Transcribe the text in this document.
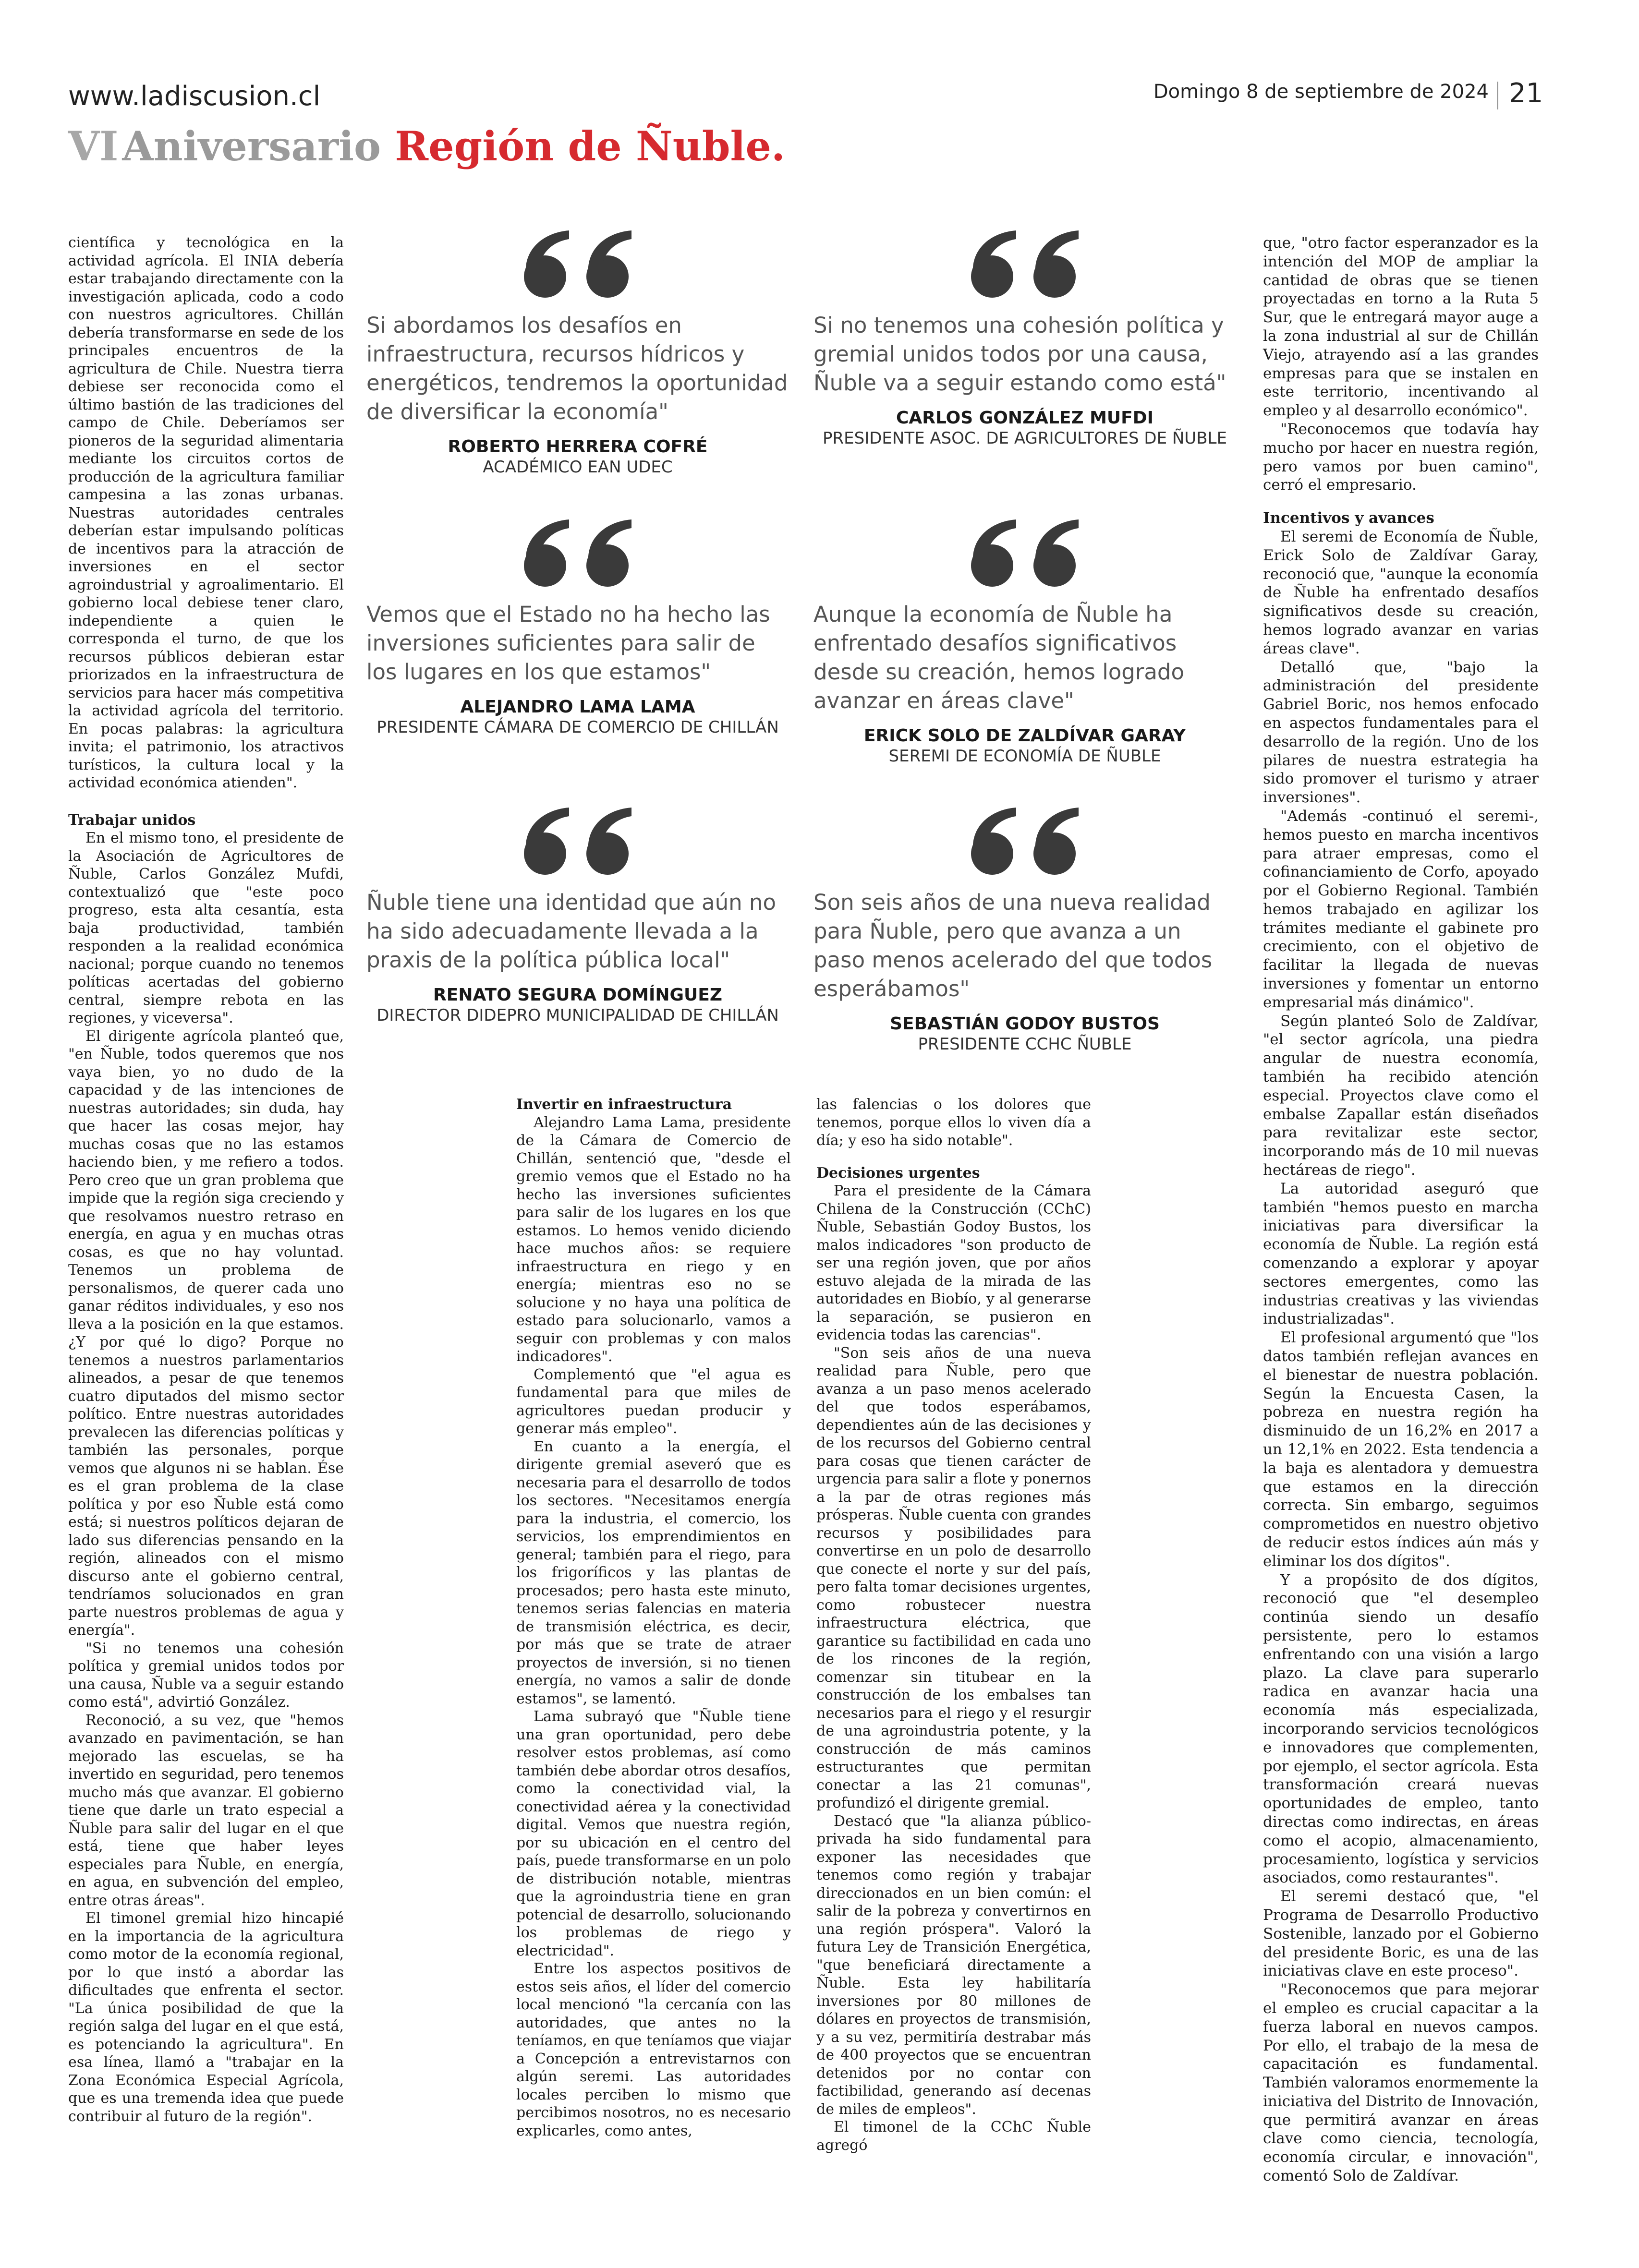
www.ladiscusion.cl	Domingo 8 de septiembre de 2024 21
VIAniversario Región de Ñuble.

científica y tecnológica en la actividad agrícola. El INIA debería estar trabajando directamente con la investigación aplicada, codo a codo con nuestros agricultores. Chillán debería transformarse en sede de los principales encuentros de la agricultura de Chile. Nuestra tierra debiese ser reconocida como el último bastión de las tradiciones del campo de Chile. Deberíamos ser pioneros de la seguridad alimentaria mediante los circuitos cortos de producción de la agricultura familiar campesina a las zonas urbanas. Nuestras autoridades centrales deberían estar impulsando políticas de incentivos para la atracción de inversiones en el sector agroindustrial y agroalimentario. El gobierno local debiese tener claro, independiente a quien le corresponda el turno, de que los recursos públicos debieran estar priorizados en la infraestructura de servicios para hacer más competitiva la actividad agrícola del territorio. En pocas palabras: la agricultura invita; el patrimonio, los atractivos turísticos, la cultura local y la actividad económica atienden".

Trabajar unidos

En el mismo tono, el presidente de la Asociación de Agricultores de Ñuble, Carlos González Mufdi, contextualizó que "este poco progreso, esta alta cesantía, esta baja productividad, también responden a la realidad económica nacional; porque cuando no tenemos políticas acertadas del gobierno central, siempre rebota en las regiones, y viceversa".

El dirigente agrícola planteó que, "en Ñuble, todos queremos que nos vaya bien, yo no dudo de la capacidad y de las intenciones de nuestras autoridades; sin duda, hay que hacer las cosas mejor, hay muchas cosas que no las estamos haciendo bien, y me refiero a todos. Pero creo que un gran problema que impide que la región siga creciendo y que resolvamos nuestro retraso en energía, en agua y en muchas otras cosas, es que no hay voluntad. Tenemos un problema de personalismos, de querer cada uno ganar réditos individuales, y eso nos lleva a la posición en la que estamos. ¿Y por qué lo digo? Porque no tenemos a nuestros parlamentarios alineados, a pesar de que tenemos cuatro diputados del mismo sector político. Entre nuestras autoridades prevalecen las diferencias políticas y también las personales, porque vemos que algunos ni se hablan. Ése es el gran problema de la clase política y por eso Ñuble está como está; si nuestros políticos dejaran de lado sus diferencias pensando en la región, alineados con el mismo discurso ante el gobierno central, tendríamos solucionados en gran parte nuestros problemas de agua y energía".

"Si no tenemos una cohesión política y gremial unidos todos por una causa, Ñuble va a seguir estando como está", advirtió González.

Reconoció, a su vez, que "hemos avanzado en pavimentación, se han mejorado las escuelas, se ha invertido en seguridad, pero tenemos mucho más que avanzar. El gobierno tiene que darle un trato especial a Ñuble para salir del lugar en el que está, tiene que haber leyes especiales para Ñuble, en energía, en agua, en subvención del empleo, entre otras áreas".

El timonel gremial hizo hincapié en la importancia de la agricultura como motor de la economía regional, por lo que instó a abordar las dificultades que enfrenta el sector. "La única posibilidad de que la región salga del lugar en el que está, es potenciando la agricultura". En esa línea, llamó a "trabajar en la Zona Económica Especial Agrícola, que es una tremenda idea que puede contribuir al futuro de la región".

Si abordamos los desafíos en infraestructura, recursos hídricos y energéticos, tendremos la oportunidad de diversificar la economía"
ROBERTO HERRERA COFRÉ
ACADÉMICO EAN UDEC
Si no tenemos una cohesión política y gremial unidos todos por una causa, Ñuble va a seguir estando como está"
CARLOS GONZÁLEZ MUFDI
PRESIDENTE ASOC. DE AGRICULTORES DE ÑUBLE
Vemos que el Estado no ha hecho las inversiones suficientes para salir de los lugares en los que estamos"
ALEJANDRO LAMA LAMA
PRESIDENTE CÁMARA DE COMERCIO DE CHILLÁN
Aunque la economía de Ñuble ha enfrentado desafíos significativos desde su creación, hemos logrado avanzar en áreas clave"
ERICK SOLO DE ZALDÍVAR GARAY
SEREMI DE ECONOMÍA DE ÑUBLE
Ñuble tiene una identidad que aún no ha sido adecuadamente llevada a la praxis de la política pública local"
RENATO SEGURA DOMÍNGUEZ
DIRECTOR DIDEPRO MUNICIPALIDAD DE CHILLÁN
Son seis años de una nueva realidad para Ñuble, pero que avanza a un paso menos acelerado del que todos esperábamos"
SEBASTIÁN GODOY BUSTOS
PRESIDENTE CCHC ÑUBLE
Invertir en infraestructura

Alejandro Lama Lama, presidente de la Cámara de Comercio de Chillán, sentenció que, "desde el gremio vemos que el Estado no ha hecho las inversiones suficientes para salir de los lugares en los que estamos. Lo hemos venido diciendo hace muchos años: se requiere infraestructura en riego y en energía; mientras eso no se solucione y no haya una política de estado para solucionarlo, vamos a seguir con problemas y con malos indicadores".

Complementó que "el agua es fundamental para que miles de agricultores puedan producir y generar más empleo".

En cuanto a la energía, el dirigente gremial aseveró que es necesaria para el desarrollo de todos los sectores. "Necesitamos energía para la industria, el comercio, los servicios, los emprendimientos en general; también para el riego, para los frigoríficos y las plantas de procesados; pero hasta este minuto, tenemos serias falencias en materia de transmisión eléctrica, es decir, por más que se trate de atraer proyectos de inversión, si no tienen energía, no vamos a salir de donde estamos", se lamentó.

Lama subrayó que "Ñuble tiene una gran oportunidad, pero debe resolver estos problemas, así como también debe abordar otros desafíos, como la conectividad vial, la conectividad aérea y la conectividad digital. Vemos que nuestra región, por su ubicación en el centro del país, puede transformarse en un polo de distribución notable, mientras que la agroindustria tiene en gran potencial de desarrollo, solucionando los problemas de riego y electricidad".

Entre los aspectos positivos de estos seis años, el líder del comercio local mencionó "la cercanía con las autoridades, que antes no la teníamos, en que teníamos que viajar a Concepción a entrevistarnos con algún seremi. Las autoridades locales perciben lo mismo que percibimos nosotros, no es necesario explicarles, como antes,

las falencias o los dolores que tenemos, porque ellos lo viven día a día; y eso ha sido notable".

Decisiones urgentes

Para el presidente de la Cámara Chilena de la Construcción (CChC) Ñuble, Sebastián Godoy Bustos, los malos indicadores "son producto de ser una región joven, que por años estuvo alejada de la mirada de las autoridades en Biobío, y al generarse la separación, se pusieron en evidencia todas las carencias".

"Son seis años de una nueva realidad para Ñuble, pero que avanza a un paso menos acelerado del que todos esperábamos, dependientes aún de las decisiones y de los recursos del Gobierno central para cosas que tienen carácter de urgencia para salir a flote y ponernos a la par de otras regiones más prósperas. Ñuble cuenta con grandes recursos y posibilidades para convertirse en un polo de desarrollo que conecte el norte y sur del país, pero falta tomar decisiones urgentes, como robustecer nuestra infraestructura eléctrica, que garantice su factibilidad en cada uno de los rincones de la región, comenzar sin titubear en la construcción de los embalses tan necesarios para el riego y el resurgir de una agroindustria potente, y la construcción de más caminos estructurantes que permitan conectar a las 21 comunas", profundizó el dirigente gremial.

Destacó que "la alianza público-privada ha sido fundamental para exponer las necesidades que tenemos como región y trabajar direccionados en un bien común: el salir de la pobreza y convertirnos en una región próspera". Valoró la futura Ley de Transición Energética, "que beneficiará directamente a Ñuble. Esta ley habilitaría inversiones por 80 millones de dólares en proyectos de transmisión, y a su vez, permitiría destrabar más de 400 proyectos que se encuentran detenidos por no contar con factibilidad, generando así decenas de miles de empleos".

El timonel de la CChC Ñuble agregó

que, "otro factor esperanzador es la intención del MOP de ampliar la cantidad de obras que se tienen proyectadas en torno a la Ruta 5 Sur, que le entregará mayor auge a la zona industrial al sur de Chillán Viejo, atrayendo así a las grandes empresas para que se instalen en este territorio, incentivando al empleo y al desarrollo económico".

"Reconocemos que todavía hay mucho por hacer en nuestra región, pero vamos por buen camino", cerró el empresario.

Incentivos y avances

El seremi de Economía de Ñuble, Erick Solo de Zaldívar Garay, reconoció que, "aunque la economía de Ñuble ha enfrentado desafíos significativos desde su creación, hemos logrado avanzar en varias áreas clave".

Detalló que, "bajo la administración del presidente Gabriel Boric, nos hemos enfocado en aspectos fundamentales para el desarrollo de la región. Uno de los pilares de nuestra estrategia ha sido promover el turismo y atraer inversiones".

"Además -continuó el seremi-, hemos puesto en marcha incentivos para atraer empresas, como el cofinanciamiento de Corfo, apoyado por el Gobierno Regional. También hemos trabajado en agilizar los trámites mediante el gabinete pro crecimiento, con el objetivo de facilitar la llegada de nuevas inversiones y fomentar un entorno empresarial más dinámico".

Según planteó Solo de Zaldívar, "el sector agrícola, una piedra angular de nuestra economía, también ha recibido atención especial. Proyectos clave como el embalse Zapallar están diseñados para revitalizar este sector, incorporando más de 10 mil nuevas hectáreas de riego".

La autoridad aseguró que también "hemos puesto en marcha iniciativas para diversificar la economía de Ñuble. La región está comenzando a explorar y apoyar sectores emergentes, como las industrias creativas y las viviendas industrializadas".

El profesional argumentó que "los datos también reflejan avances en el bienestar de nuestra población. Según la Encuesta Casen, la pobreza en nuestra región ha disminuido de un 16,2% en 2017 a un 12,1% en 2022. Esta tendencia a la baja es alentadora y demuestra que estamos en la dirección correcta. Sin embargo, seguimos comprometidos en nuestro objetivo de reducir estos índices aún más y eliminar los dos dígitos".

Y a propósito de dos dígitos, reconoció que "el desempleo continúa siendo un desafío persistente, pero lo estamos enfrentando con una visión a largo plazo. La clave para superarlo radica en avanzar hacia una economía más especializada, incorporando servicios tecnológicos e innovadores que complementen, por ejemplo, el sector agrícola. Esta transformación creará nuevas oportunidades de empleo, tanto directas como indirectas, en áreas como el acopio, almacenamiento, procesamiento, logística y servicios asociados, como restaurantes".

El seremi destacó que, "el Programa de Desarrollo Productivo Sostenible, lanzado por el Gobierno del presidente Boric, es una de las iniciativas clave en este proceso".

"Reconocemos que para mejorar el empleo es crucial capacitar a la fuerza laboral en nuevos campos. Por ello, el trabajo de la mesa de capacitación es fundamental. También valoramos enormemente la iniciativa del Distrito de Innovación, que permitirá avanzar en áreas clave como ciencia, tecnología, economía circular, e innovación", comentó Solo de Zaldívar.
